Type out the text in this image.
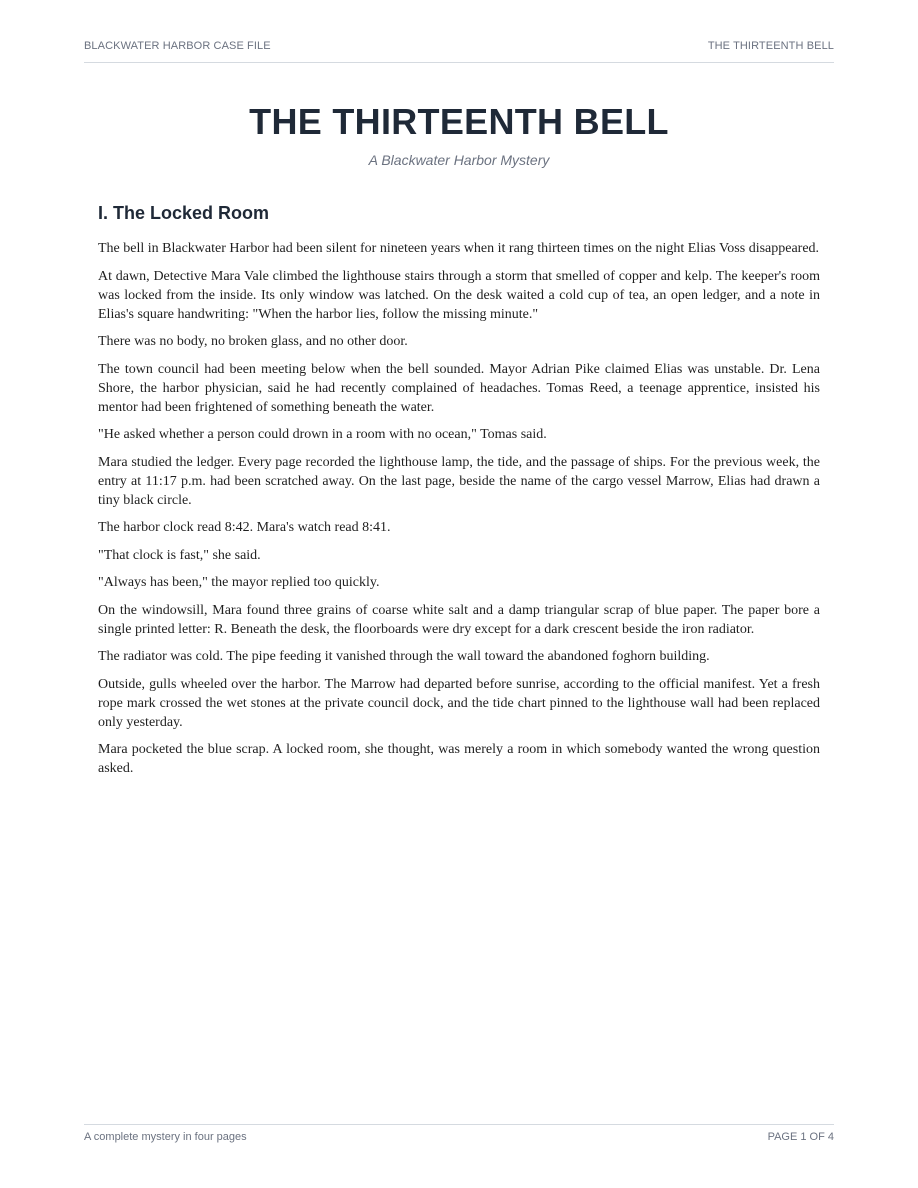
BLACKWATER HARBOR CASE FILE	THE THIRTEENTH BELL
THE THIRTEENTH BELL

A Blackwater Harbor Mystery

I. The Locked Room

The bell in Blackwater Harbor had been silent for nineteen years when it rang thirteen times on the night Elias Voss disappeared.

At dawn, Detective Mara Vale climbed the lighthouse stairs through a storm that smelled of copper and kelp. The keeper's room was locked from the inside. Its only window was latched. On the desk waited a cold cup of tea, an open ledger, and a note in Elias's square handwriting: "When the harbor lies, follow the missing minute."

There was no body, no broken glass, and no other door.

The town council had been meeting below when the bell sounded. Mayor Adrian Pike claimed Elias was unstable. Dr. Lena Shore, the harbor physician, said he had recently complained of headaches. Tomas Reed, a teenage apprentice, insisted his mentor had been frightened of something beneath the water.

"He asked whether a person could drown in a room with no ocean," Tomas said.

Mara studied the ledger. Every page recorded the lighthouse lamp, the tide, and the passage of ships. For the previous week, the entry at 11:17 p.m. had been scratched away. On the last page, beside the name of the cargo vessel Marrow, Elias had drawn a tiny black circle.

The harbor clock read 8:42. Mara's watch read 8:41.

"That clock is fast," she said.

"Always has been," the mayor replied too quickly.

On the windowsill, Mara found three grains of coarse white salt and a damp triangular scrap of blue paper. The paper bore a single printed letter: R. Beneath the desk, the floorboards were dry except for a dark crescent beside the iron radiator.

The radiator was cold. The pipe feeding it vanished through the wall toward the abandoned foghorn building.

Outside, gulls wheeled over the harbor. The Marrow had departed before sunrise, according to the official manifest. Yet a fresh rope mark crossed the wet stones at the private council dock, and the tide chart pinned to the lighthouse wall had been replaced only yesterday.

Mara pocketed the blue scrap. A locked room, she thought, was merely a room in which somebody wanted the wrong question asked.

A complete mystery in four pages	PAGE 1 OF 4
